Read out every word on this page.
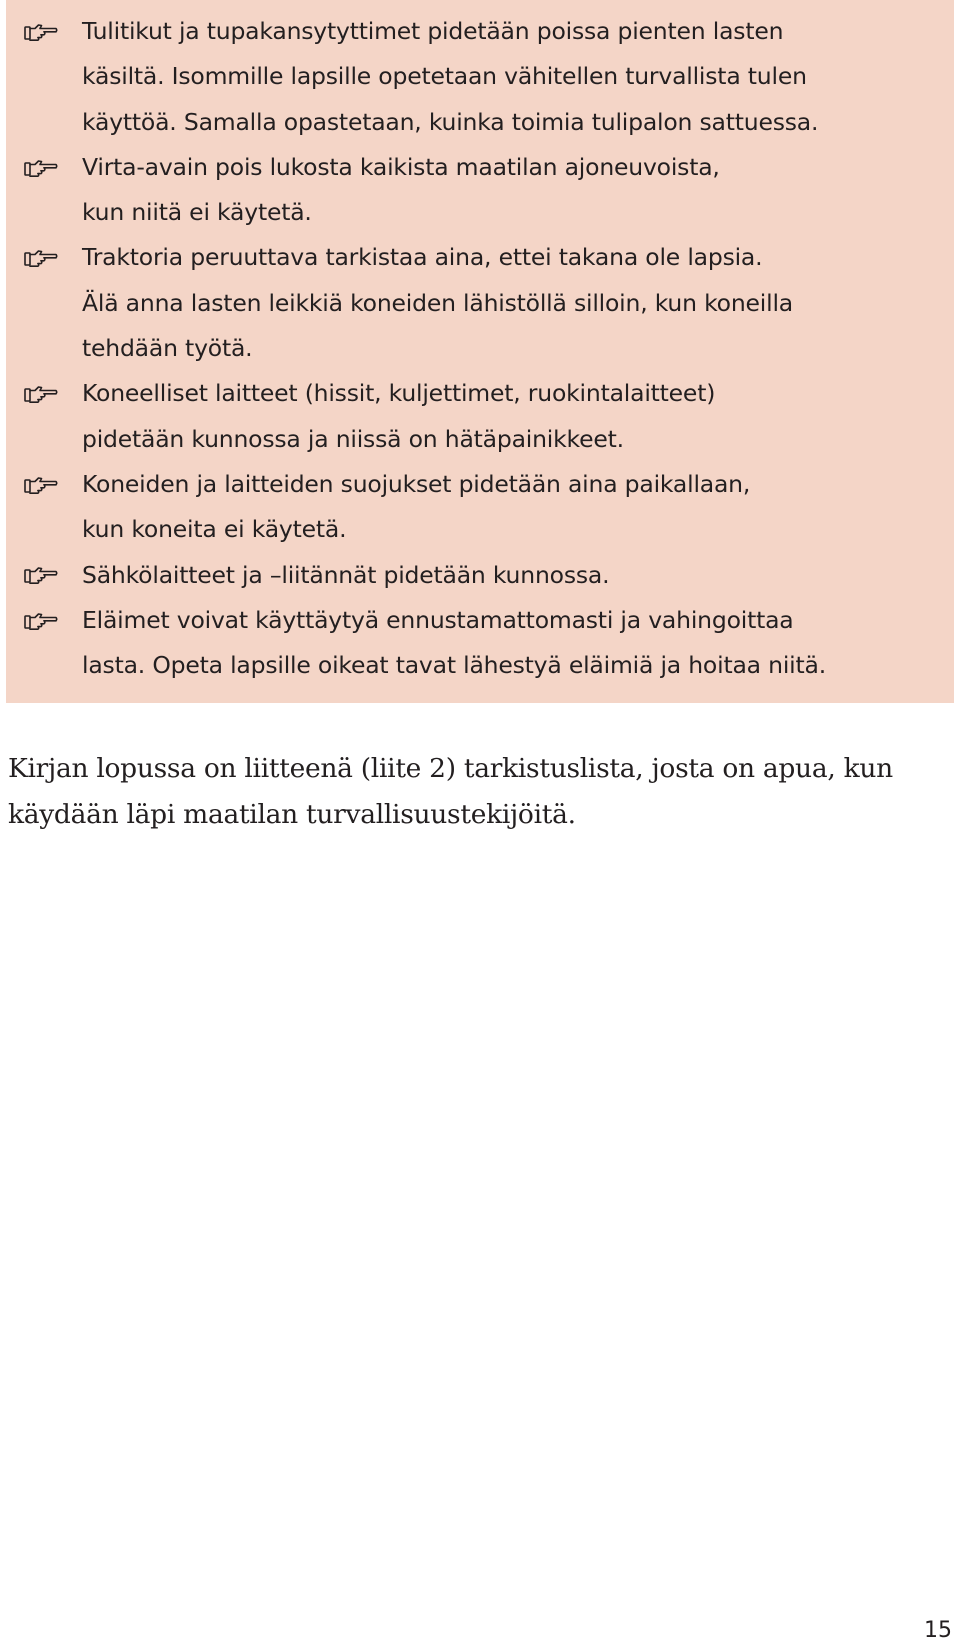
Tulitikut ja tupakansytyttimet pidetään poissa pienten lasten
käsiltä. Isommille lapsille opetetaan vähitellen turvallista tulen
käyttöä. Samalla opastetaan, kuinka toimia tulipalon sattuessa.
Virta-avain pois lukosta kaikista maatilan ajoneuvoista,
kun niitä ei käytetä.
Traktoria peruuttava tarkistaa aina, ettei takana ole lapsia.
Älä anna lasten leikkiä koneiden lähistöllä silloin, kun koneilla
tehdään työtä.
Koneelliset laitteet (hissit, kuljettimet, ruokintalaitteet)
pidetään kunnossa ja niissä on hätäpainikkeet.
Koneiden ja laitteiden suojukset pidetään aina paikallaan,
kun koneita ei käytetä.
Sähkölaitteet ja –liitännät pidetään kunnossa.
Eläimet voivat käyttäytyä ennustamattomasti ja vahingoittaa
lasta. Opeta lapsille oikeat tavat lähestyä eläimiä ja hoitaa niitä.

Kirjan lopussa on liitteenä (liite 2) tarkistuslista, josta on apua, kun
käydään läpi maatilan turvallisuustekijöitä.

15
